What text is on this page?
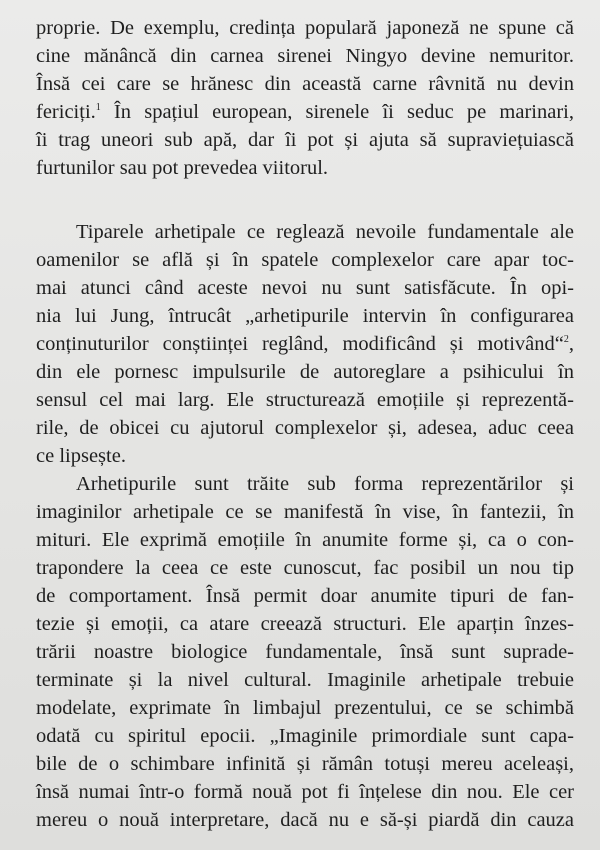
proprie. De exemplu, credința populară japoneză ne spune că
cine mănâncă din carnea sirenei Ningyo devine nemuritor.
Însă cei care se hrănesc din această carne râvnită nu devin
fericiți.$^1$ În spațiul european, sirenele îi seduc pe marinari,
îi trag uneori sub apă, dar îi pot și ajuta să supraviețuiască
furtunilor sau pot prevedea viitorul.
Tiparele arhetipale ce reglează nevoile fundamentale ale
oamenilor se află și în spatele complexelor care apar toc-
mai atunci când aceste nevoi nu sunt satisfăcute. În opi-
nia lui Jung, întrucât „arhetipurile intervin în configurarea
conținuturilor conștiinței reglând, modificând și motivând“$^2$,
din ele pornesc impulsurile de autoreglare a psihicului în
sensul cel mai larg. Ele structurează emoțiile și reprezentă-
rile, de obicei cu ajutorul complexelor și, adesea, aduc ceea
ce lipsește.
Arhetipurile sunt trăite sub forma reprezentărilor și
imaginilor arhetipale ce se manifestă în vise, în fantezii, în
mituri. Ele exprimă emoțiile în anumite forme și, ca o con-
trapondere la ceea ce este cunoscut, fac posibil un nou tip
de comportament. Însă permit doar anumite tipuri de fan-
tezie și emoții, ca atare creează structuri. Ele aparțin înzes-
trării noastre biologice fundamentale, însă sunt suprade-
terminate și la nivel cultural. Imaginile arhetipale trebuie
modelate, exprimate în limbajul prezentului, ce se schimbă
odată cu spiritul epocii. „Imaginile primordiale sunt capa-
bile de o schimbare infinită și rămân totuși mereu aceleași,
însă numai într-o formă nouă pot fi înțelese din nou. Ele cer
mereu o nouă interpretare, dacă nu e să-și piardă din cauza
